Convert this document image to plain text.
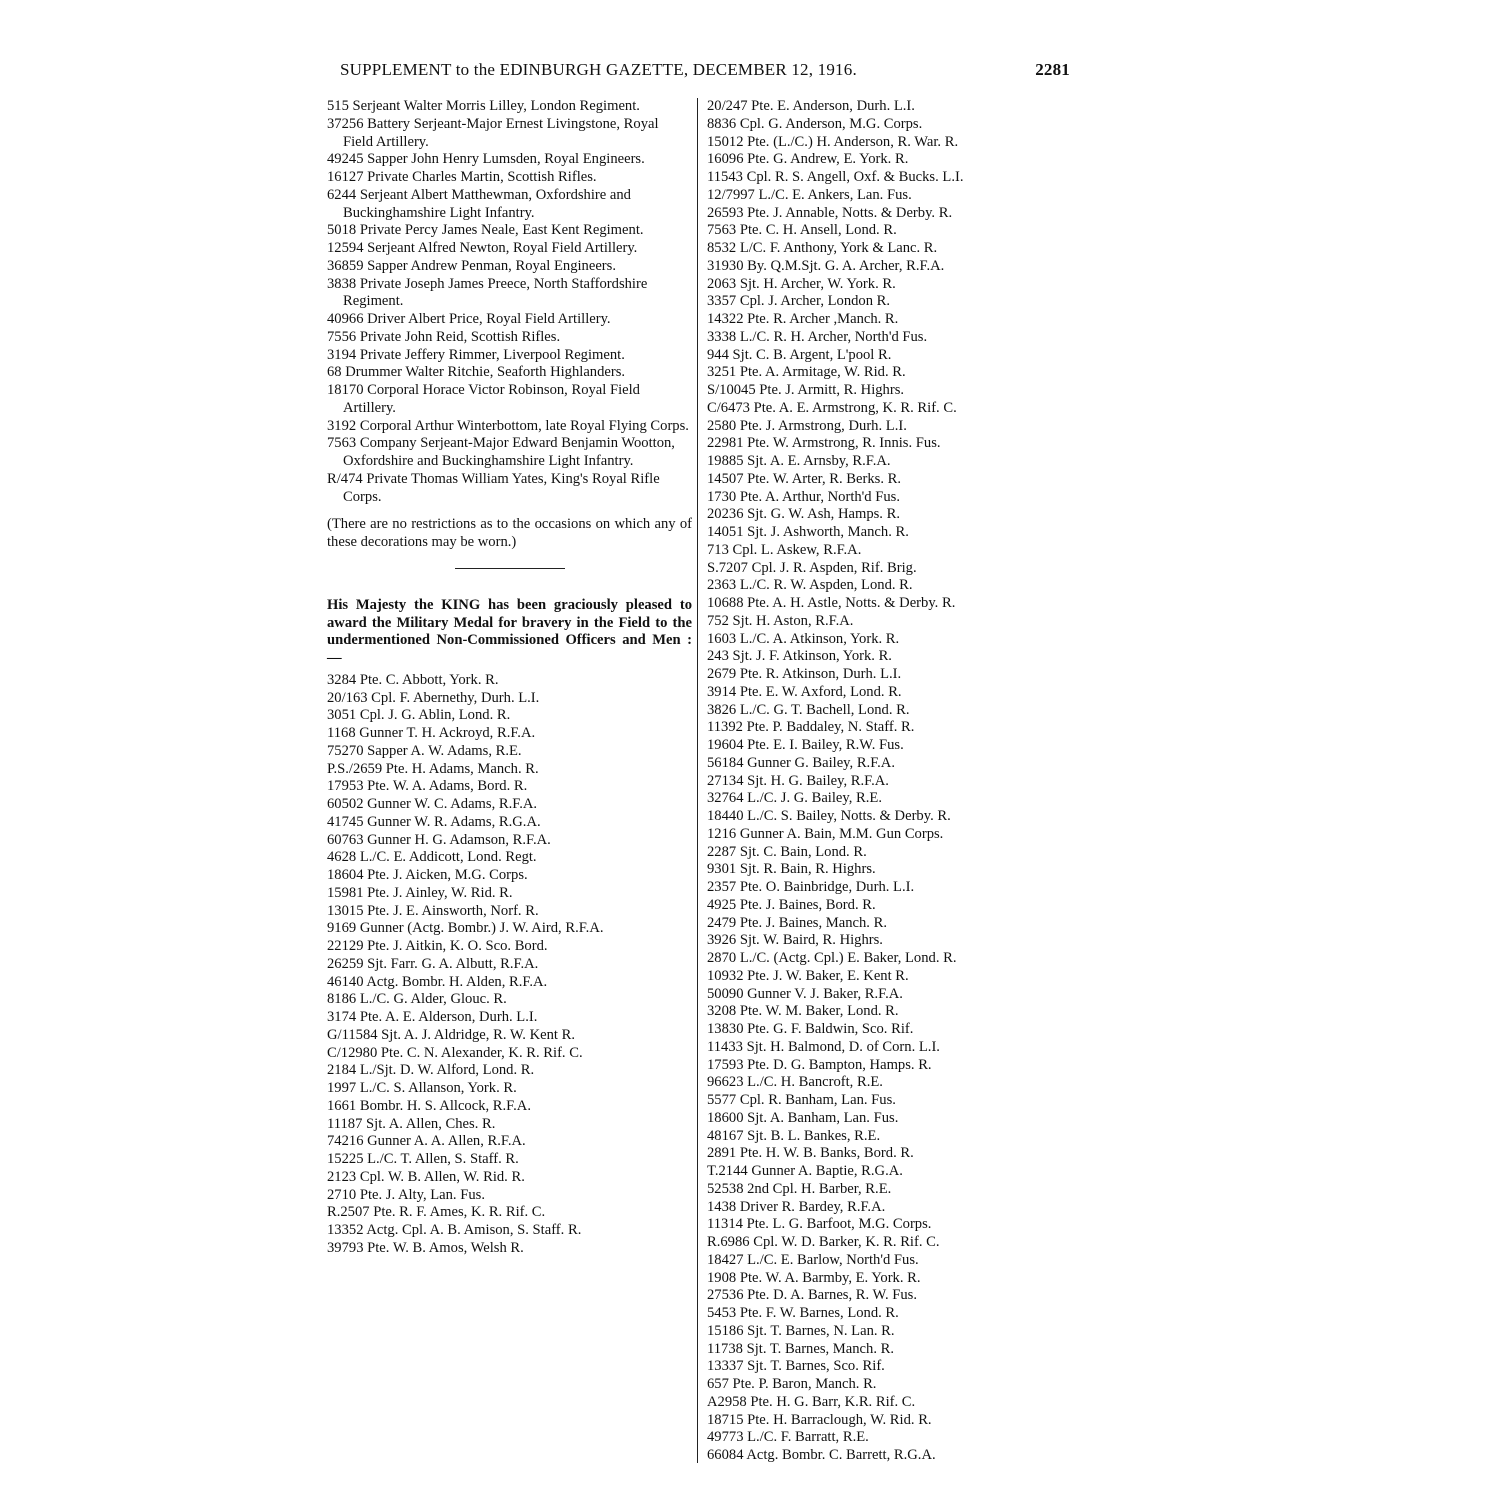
SUPPLEMENT to the EDINBURGH GAZETTE, DECEMBER 12, 1916.	2281
515 Serjeant Walter Morris Lilley, London Regiment.
37256 Battery Serjeant-Major Ernest Livingstone, Royal Field Artillery.
49245 Sapper John Henry Lumsden, Royal Engineers.
16127 Private Charles Martin, Scottish Rifles.
6244 Serjeant Albert Matthewman, Oxfordshire and Buckinghamshire Light Infantry.
5018 Private Percy James Neale, East Kent Regiment.
12594 Serjeant Alfred Newton, Royal Field Artillery.
36859 Sapper Andrew Penman, Royal Engineers.
3838 Private Joseph James Preece, North Staffordshire Regiment.
40966 Driver Albert Price, Royal Field Artillery.
7556 Private John Reid, Scottish Rifles.
3194 Private Jeffery Rimmer, Liverpool Regiment.
68 Drummer Walter Ritchie, Seaforth Highlanders.
18170 Corporal Horace Victor Robinson, Royal Field Artillery.
3192 Corporal Arthur Winterbottom, late Royal Flying Corps.
7563 Company Serjeant-Major Edward Benjamin Wootton, Oxfordshire and Buckinghamshire Light Infantry.
R/474 Private Thomas William Yates, King's Royal Rifle Corps.
(There are no restrictions as to the occasions on which any of these decorations may be worn.)
His Majesty the KING has been graciously pleased to award the Military Medal for bravery in the Field to the undermentioned Non-Commissioned Officers and Men :—
3284 Pte. C. Abbott, York. R.
20/163 Cpl. F. Abernethy, Durh. L.I.
3051 Cpl. J. G. Ablin, Lond. R.
1168 Gunner T. H. Ackroyd, R.F.A.
75270 Sapper A. W. Adams, R.E.
P.S./2659 Pte. H. Adams, Manch. R.
17953 Pte. W. A. Adams, Bord. R.
60502 Gunner W. C. Adams, R.F.A.
41745 Gunner W. R. Adams, R.G.A.
60763 Gunner H. G. Adamson, R.F.A.
4628 L./C. E. Addicott, Lond. Regt.
18604 Pte. J. Aicken, M.G. Corps.
15981 Pte. J. Ainley, W. Rid. R.
13015 Pte. J. E. Ainsworth, Norf. R.
9169 Gunner (Actg. Bombr.) J. W. Aird, R.F.A.
22129 Pte. J. Aitkin, K. O. Sco. Bord.
26259 Sjt. Farr. G. A. Albutt, R.F.A.
46140 Actg. Bombr. H. Alden, R.F.A.
8186 L./C. G. Alder, Glouc. R.
3174 Pte. A. E. Alderson, Durh. L.I.
G/11584 Sjt. A. J. Aldridge, R. W. Kent R.
C/12980 Pte. C. N. Alexander, K. R. Rif. C.
2184 L./Sjt. D. W. Alford, Lond. R.
1997 L./C. S. Allanson, York. R.
1661 Bombr. H. S. Allcock, R.F.A.
11187 Sjt. A. Allen, Ches. R.
74216 Gunner A. A. Allen, R.F.A.
15225 L./C. T. Allen, S. Staff. R.
2123 Cpl. W. B. Allen, W. Rid. R.
2710 Pte. J. Alty, Lan. Fus.
R.2507 Pte. R. F. Ames, K. R. Rif. C.
13352 Actg. Cpl. A. B. Amison, S. Staff. R.
39793 Pte. W. B. Amos, Welsh R.
20/247 Pte. E. Anderson, Durh. L.I.
8836 Cpl. G. Anderson, M.G. Corps.
15012 Pte. (L./C.) H. Anderson, R. War. R.
16096 Pte. G. Andrew, E. York. R.
11543 Cpl. R. S. Angell, Oxf. & Bucks. L.I.
12/7997 L./C. E. Ankers, Lan. Fus.
26593 Pte. J. Annable, Notts. & Derby. R.
7563 Pte. C. H. Ansell, Lond. R.
8532 L/C. F. Anthony, York & Lanc. R.
31930 By. Q.M.Sjt. G. A. Archer, R.F.A.
2063 Sjt. H. Archer, W. York. R.
3357 Cpl. J. Archer, London R.
14322 Pte. R. Archer ,Manch. R.
3338 L./C. R. H. Archer, North'd Fus.
944 Sjt. C. B. Argent, L'pool R.
3251 Pte. A. Armitage, W. Rid. R.
S/10045 Pte. J. Armitt, R. Highrs.
C/6473 Pte. A. E. Armstrong, K. R. Rif. C.
2580 Pte. J. Armstrong, Durh. L.I.
22981 Pte. W. Armstrong, R. Innis. Fus.
19885 Sjt. A. E. Arnsby, R.F.A.
14507 Pte. W. Arter, R. Berks. R.
1730 Pte. A. Arthur, North'd Fus.
20236 Sjt. G. W. Ash, Hamps. R.
14051 Sjt. J. Ashworth, Manch. R.
713 Cpl. L. Askew, R.F.A.
S.7207 Cpl. J. R. Aspden, Rif. Brig.
2363 L./C. R. W. Aspden, Lond. R.
10688 Pte. A. H. Astle, Notts. & Derby. R.
752 Sjt. H. Aston, R.F.A.
1603 L./C. A. Atkinson, York. R.
243 Sjt. J. F. Atkinson, York. R.
2679 Pte. R. Atkinson, Durh. L.I.
3914 Pte. E. W. Axford, Lond. R.
3826 L./C. G. T. Bachell, Lond. R.
11392 Pte. P. Baddaley, N. Staff. R.
19604 Pte. E. I. Bailey, R.W. Fus.
56184 Gunner G. Bailey, R.F.A.
27134 Sjt. H. G. Bailey, R.F.A.
32764 L./C. J. G. Bailey, R.E.
18440 L./C. S. Bailey, Notts. & Derby. R.
1216 Gunner A. Bain, M.M. Gun Corps.
2287 Sjt. C. Bain, Lond. R.
9301 Sjt. R. Bain, R. Highrs.
2357 Pte. O. Bainbridge, Durh. L.I.
4925 Pte. J. Baines, Bord. R.
2479 Pte. J. Baines, Manch. R.
3926 Sjt. W. Baird, R. Highrs.
2870 L./C. (Actg. Cpl.) E. Baker, Lond. R.
10932 Pte. J. W. Baker, E. Kent R.
50090 Gunner V. J. Baker, R.F.A.
3208 Pte. W. M. Baker, Lond. R.
13830 Pte. G. F. Baldwin, Sco. Rif.
11433 Sjt. H. Balmond, D. of Corn. L.I.
17593 Pte. D. G. Bampton, Hamps. R.
96623 L./C. H. Bancroft, R.E.
5577 Cpl. R. Banham, Lan. Fus.
18600 Sjt. A. Banham, Lan. Fus.
48167 Sjt. B. L. Bankes, R.E.
2891 Pte. H. W. B. Banks, Bord. R.
T.2144 Gunner A. Baptie, R.G.A.
52538 2nd Cpl. H. Barber, R.E.
1438 Driver R. Bardey, R.F.A.
11314 Pte. L. G. Barfoot, M.G. Corps.
R.6986 Cpl. W. D. Barker, K. R. Rif. C.
18427 L./C. E. Barlow, North'd Fus.
1908 Pte. W. A. Barmby, E. York. R.
27536 Pte. D. A. Barnes, R. W. Fus.
5453 Pte. F. W. Barnes, Lond. R.
15186 Sjt. T. Barnes, N. Lan. R.
11738 Sjt. T. Barnes, Manch. R.
13337 Sjt. T. Barnes, Sco. Rif.
657 Pte. P. Baron, Manch. R.
A2958 Pte. H. G. Barr, K.R. Rif. C.
18715 Pte. H. Barraclough, W. Rid. R.
49773 L./C. F. Barratt, R.E.
66084 Actg. Bombr. C. Barrett, R.G.A.
